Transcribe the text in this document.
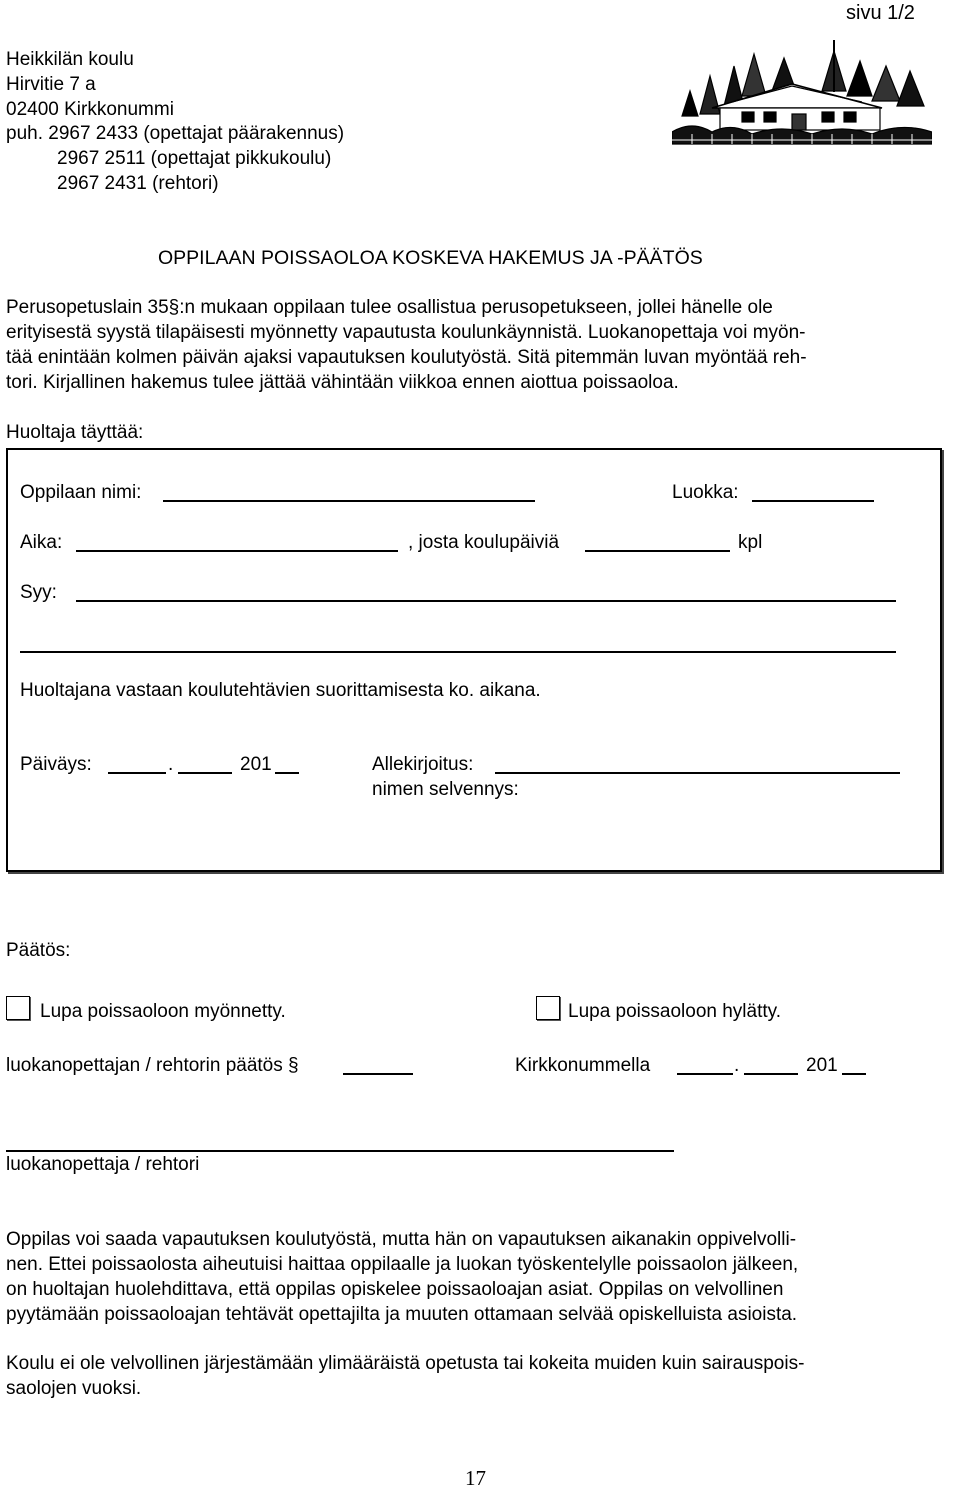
sivu 1/2
Heikkilän koulu
Hirvitie 7 a
02400 Kirkkonummi
puh. 2967 2433 (opettajat päärakennus)
2967 2511 (opettajat pikkukoulu)
2967 2431 (rehtori)
OPPILAAN POISSAOLOA KOSKEVA HAKEMUS JA -PÄÄTÖS
Perusopetuslain 35§:n mukaan oppilaan tulee osallistua perusopetukseen, jollei hänelle ole
erityisestä syystä tilapäisesti myönnetty vapautusta koulunkäynnistä. Luokanopettaja voi myön-
tää enintään kolmen päivän ajaksi vapautuksen koulutyöstä. Sitä pitemmän luvan myöntää reh-
tori. Kirjallinen hakemus tulee jättää vähintään viikkoa ennen aiottua poissaoloa.
Huoltaja täyttää:
Oppilaan nimi:	Luokka:
Aika:	, josta koulupäiviä	kpl
Syy:
Huoltajana vastaan koulutehtävien suorittamisesta ko. aikana.
Päiväys:	.	201	Allekirjoitus:
nimen selvennys:
Päätös:
Lupa poissaoloon myönnetty.	Lupa poissaoloon hylätty.
luokanopettajan / rehtorin päätös §	Kirkkonummella	.	201
luokanopettaja / rehtori
Oppilas voi saada vapautuksen koulutyöstä, mutta hän on vapautuksen aikanakin oppivelvolli-
nen. Ettei poissaolosta aiheutuisi haittaa oppilaalle ja luokan työskentelylle poissaolon jälkeen,
on huoltajan huolehdittava, että oppilas opiskelee poissaoloajan asiat. Oppilas on velvollinen
pyytämään poissaoloajan tehtävät opettajilta ja muuten ottamaan selvää opiskelluista asioista.
Koulu ei ole velvollinen järjestämään ylimääräistä opetusta tai kokeita muiden kuin sairauspois-
saolojen vuoksi.
17
